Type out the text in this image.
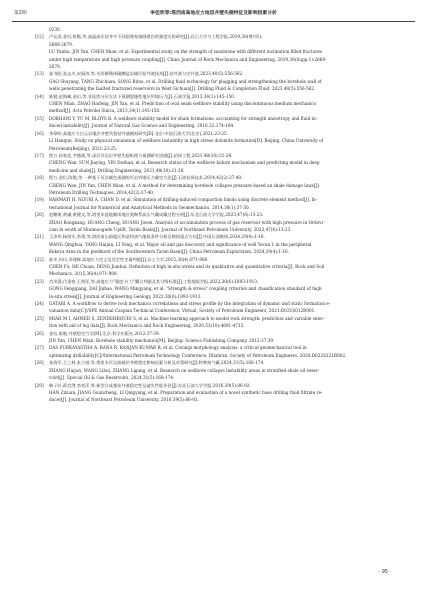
第2期	李佳欣等:塔西南高地应力地层井壁失稳特征及影响因素分析
0230.
[12] 卢运虎,金衍,陈勉,等.高温高压钻井中不同裂缝充填缝壁岩的强度实验研究[J].岩石力学与工程学报,2019,38(增刊1):
2668-2679.
LU Yunhu, JIN Yan, CHEN Mian, et al. Experimental study on the strength of sandstone with different inclination filled fractures
under high temperature and high pressure coupling[J]. China Journal of Rock Mechanics and Engineering, 2019,38(Supp.1):2668-
2679.
[13] 高书阳,张志川,宋丽涛,等.川西断缝体碳酸盐岩储层钻井液技术[J].钻井液与完井液,2023,40(5):556-562.
GAO Shuyang, TANG Zhichuan, SONG Bitao, et al. Drilling fluid technology for plugging and strengthening the borehole wall of
wells penetrating the faulted fractured reservoirs in West Sichuan[J]. Drilling Fluid & Completion Fluid, 2023,40(5):556-562.
[14] 陈勉,赵海峰,金衍,等.非连续分层方法下预测裂缝性地层坍塌压力[J].石油学报,2013,34(1):145-150.
CHEN Mian, ZHAO Haifeng, JIN Yan, et al. Prediction of oval seam wellbore stability using discontinuous medium mechanics
method[J]. Acta Petrolei Sinica, 2013,34(1):145-150.
[15] DOKHANI V, YU M, BLOYS B. A wellbore stability model for shale formations: accounting for strength anisotropy and fluid in-
duced instability[J]. Journal of Natural Gas Science and Engineering, 2016,32:174-184.
[16] 李皋明.高地应力白云岩地层井壁失稳钻井液模拟研究[D].北京:中国石油大学(北京),2021:23-25.
LI Hanqun. Study on physical simulation of wellbore instability in high stress dolomite formation[D]. Beijing: China University of
Petroleum(Beijing), 2021:23-25.
[17] 程万,孙家佳,尹德战,等.深层页岩岩井壁失稳机理与预测研究进展[J].钻探工程,2021,48(10):21-28.
CHENG Wan, SUN Jiaying, YIN Dezhan, et al. Research status of the wellbore failure mechanism and predicting model in deep
medicine and shale[J]. Drilling Engineering, 2021,48(10):21-28.
[18] 程万,金衍,陈勉,等.一种基于页岩颜色预测的页岩坍塌压力确定方法[J].石油钻探技术,2014,42(2):37-40.
CHENG Wan, JIN Yan, CHEN Mian, et al. A method for determining borehole collapse pressure based on shale damage laws[J].
Petroleum Drilling Techniques, 2014,42(2):37-40.
[19] RAHMATI H, NOURI A, CHAN D, et al. Simulation of drilling-induced compaction bands using discrete element method[J]. In-
ternational Journal for Numerical and Analytical Methods in Geomechanics, 2014,38(1):37-50.
[20] 赵鹏康,黄谦,黄健文,等.塔里木盆地顺南地区奥陶系高压气藏成藏过程分析[J].东北石油大学学报,2023,47(6):13-23.
ZHAO Rongkang, HUANG Cheng, HUANG Jiwen. Analysis of accumulation process of gas reservoir with high pressure in Ordovi-
cian in south of Shunnuogude Uplift, Tarim Basin[J]. Journal of Northeast Petroleum University, 2023,47(6):13-23.
[21] 王涉华,杨海军,李勇,等.塔西南山前地区构造和油气地质条件分析及勘探重点方向[J].中国石油勘探,2024,29(4):1-16.
WANG Qinghua, YANG Haijun, LI Yong, et al. Major oil and gas discovery and significance of well Yecan 1 in the peripheral
Kekeya Area in the piedmont of the Southwestern Tarim Basin[J]. China Petroleum Exploration, 2024,29(4):1-16.
[22] 陈幸,何川,邓建辉.高地应力定义及其定性定量判据[J].岩土力学,2015,36(4):971-980.
CHEN Fu, HE Chuan, DENG Jianhui. Definition of high in-situ stress and its qualitative and quantitative criteria[J]. Rock and Soil
Mechanics, 2015,36(4):971-980.
[23] 宫凤强,代金豪,王明洋,等.高地应力"强度-应力"耦合判据及其分级标准[J].工程地质学报,2022,30(6):1893-1913.
GONG Fengqiang, DAI Jinhao, WANG Mingyang, et al. "Strength & stress" coupling criterion and classification standard of high
in-situ stress[J]. Journal of Engineering Geology, 2022,30(6):1893-1913.
[24] GATARI A. A workflow to derive rock mechanics correlations and stress profile by the integration of dynamic and static formation e-
valuation data[C]//SPE Annual Caspian Technical Conference. Virtual, Society of Petroleum Engineers, 2021:D031S012R001.
[25] MIAH M I, AHMED S, ZENDEHBOUDI S, et al. Machine learning approach to model rock strength: prediction and variable selec-
tion with aid of log data[J]. Rock Mechanics and Rock Engineering, 2020,53(10):4691-4715.
[26] 金衍,陈勉.井壁稳定力学[M].北京:科学出版社,2012:37-39.
JIN Yan, CHEN Mian. Borehole stability mechanics[M]. Beijing: Science Publishing Company, 2012:37-39.
[27] DAS PURKAYASTHA A, RANA R, RANJAN KUMAR R, et al. Cavings morphology analysis: a critical geomechanical tool in
optimizing drillability[C]//International Petroleum Technology Conference. Dhahran, Society of Petroleum Engineers, 2020:D022S221R002.
[28] 张海军,王之林,张立刚,等.塔里木页岩油储层井壁稳定影响因素分析及对策研究[J].特种油气藏,2024,31(5):168-174.
ZHANG Haijun, WANG Lihui, ZHANG Ligang, et al. Research on wellbore collapse instability areas in stratified shale oil reser-
voirs[J]. Special Oil & Gas Reservoirs, 2024,31(5):168-174.
[29] 韩子轩,蒋官澄,李奕萍,等.新型合成基钻井液稳定性及滤失性能评价[J].东北石油大学学报,2016,39(5):86-92.
HAN Zixuan, JIANG Guancheng, LI Qingyang, et al. Preparation and evaluation of a novel synthetic base drilling fluid filtrate re-
ducer[J]. Journal of Northeast Petroleum University, 2016,39(5):86-92.
· 95 ·
